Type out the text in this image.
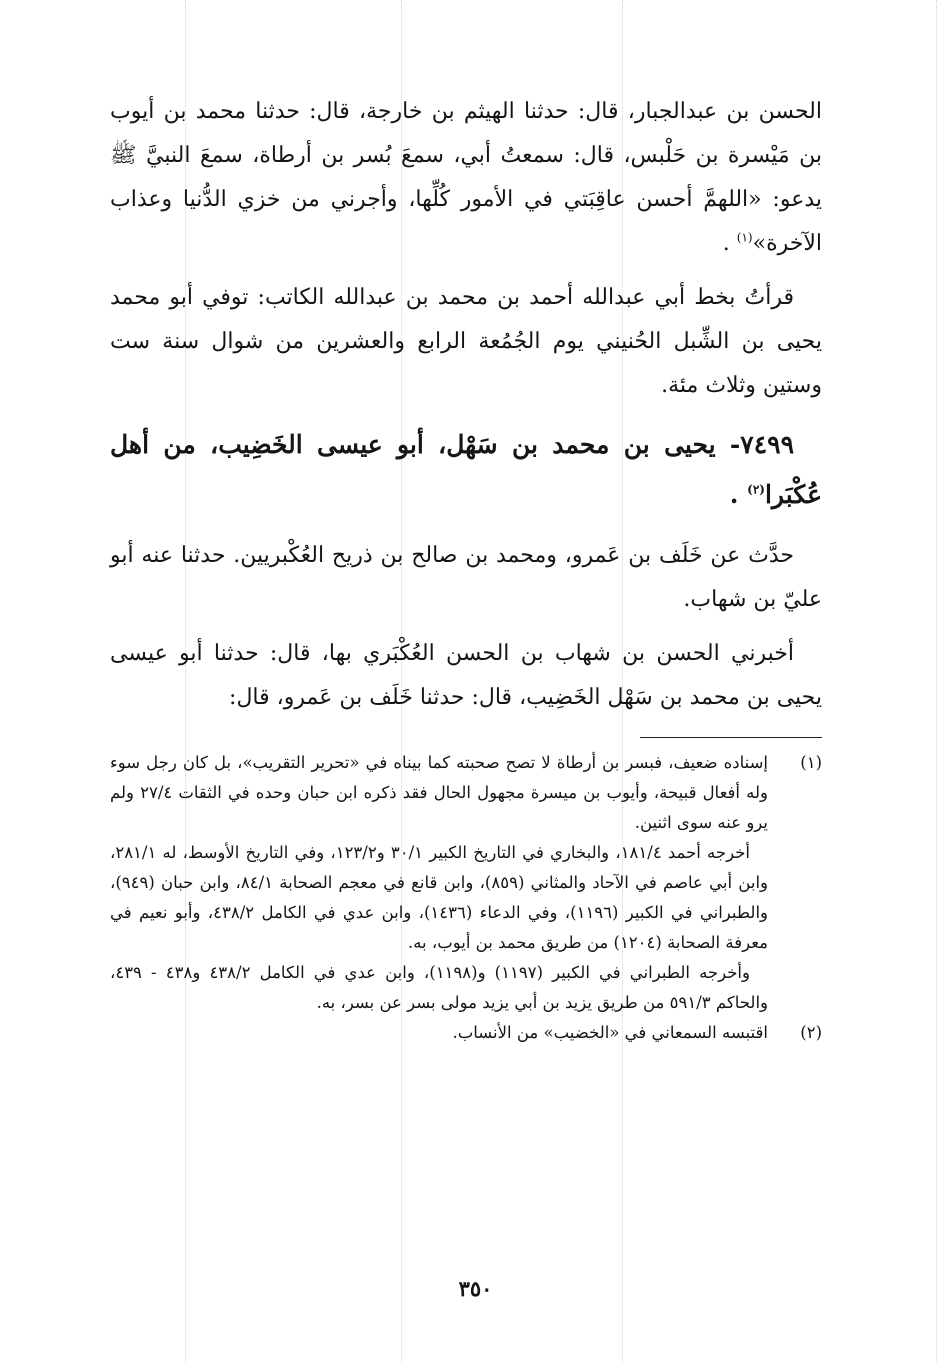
الحسن بن عبدالجبار، قال: حدثنا الهيثم بن خارجة، قال: حدثنا محمد بن أيوب بن مَيْسرة بن حَلْبس، قال: سمعتُ أبي، سمعَ بُسر بن أرطاة، سمعَ النبيَّ ﷺ يدعو: «اللهمَّ أحسن عاقِبَتي في الأمور كُلِّها، وأجرني من خزي الدُّنيا وعذاب الآخرة»$^{(١)}$ .
قرأتُ بخط أبي عبدالله أحمد بن محمد بن عبدالله الكاتب: توفي أبو محمد يحيى بن الشِّبل الحُنيني يوم الجُمُعة الرابع والعشرين من شوال سنة ست وستين وثلاث مئة.
٧٤٩٩- يحيى بن محمد بن سَهْل، أبو عيسى الخَضِيب، من أهل عُكْبَرا$^{(٢)}$ .
حدَّث عن خَلَف بن عَمرو، ومحمد بن صالح بن ذريح العُكْبريين. حدثنا عنه أبو عليّ بن شهاب.
أخبرني الحسن بن شهاب بن الحسن العُكْبَري بها، قال: حدثنا أبو عيسى يحيى بن محمد بن سَهْل الخَضِيب، قال: حدثنا خَلَف بن عَمرو، قال:
(١)
إسناده ضعيف، فبسر بن أرطاة لا تصح صحبته كما بيناه في «تحرير التقريب»، بل كان رجل سوء وله أفعال قبيحة، وأيوب بن ميسرة مجهول الحال فقد ذكره ابن حبان وحده في الثقات ٢٧/٤ ولم يرو عنه سوى اثنين.
أخرجه أحمد ١٨١/٤، والبخاري في التاريخ الكبير ٣٠/١ و١٢٣/٢، وفي التاريخ الأوسط، له ٢٨١/١، وابن أبي عاصم في الآحاد والمثاني (٨٥٩)، وابن قانع في معجم الصحابة ٨٤/١، وابن حبان (٩٤٩)، والطبراني في الكبير (١١٩٦)، وفي الدعاء (١٤٣٦)، وابن عدي في الكامل ٤٣٨/٢، وأبو نعيم في معرفة الصحابة (١٢٠٤) من طريق محمد بن أيوب، به.
وأخرجه الطبراني في الكبير (١١٩٧) و(١١٩٨)، وابن عدي في الكامل ٤٣٨/٢ و٤٣٨ - ٤٣٩، والحاكم ٥٩١/٣ من طريق يزيد بن أبي يزيد مولى بسر عن بسر، به.
(٢)
اقتبسه السمعاني في «الخضيب» من الأنساب.
٣٥٠
